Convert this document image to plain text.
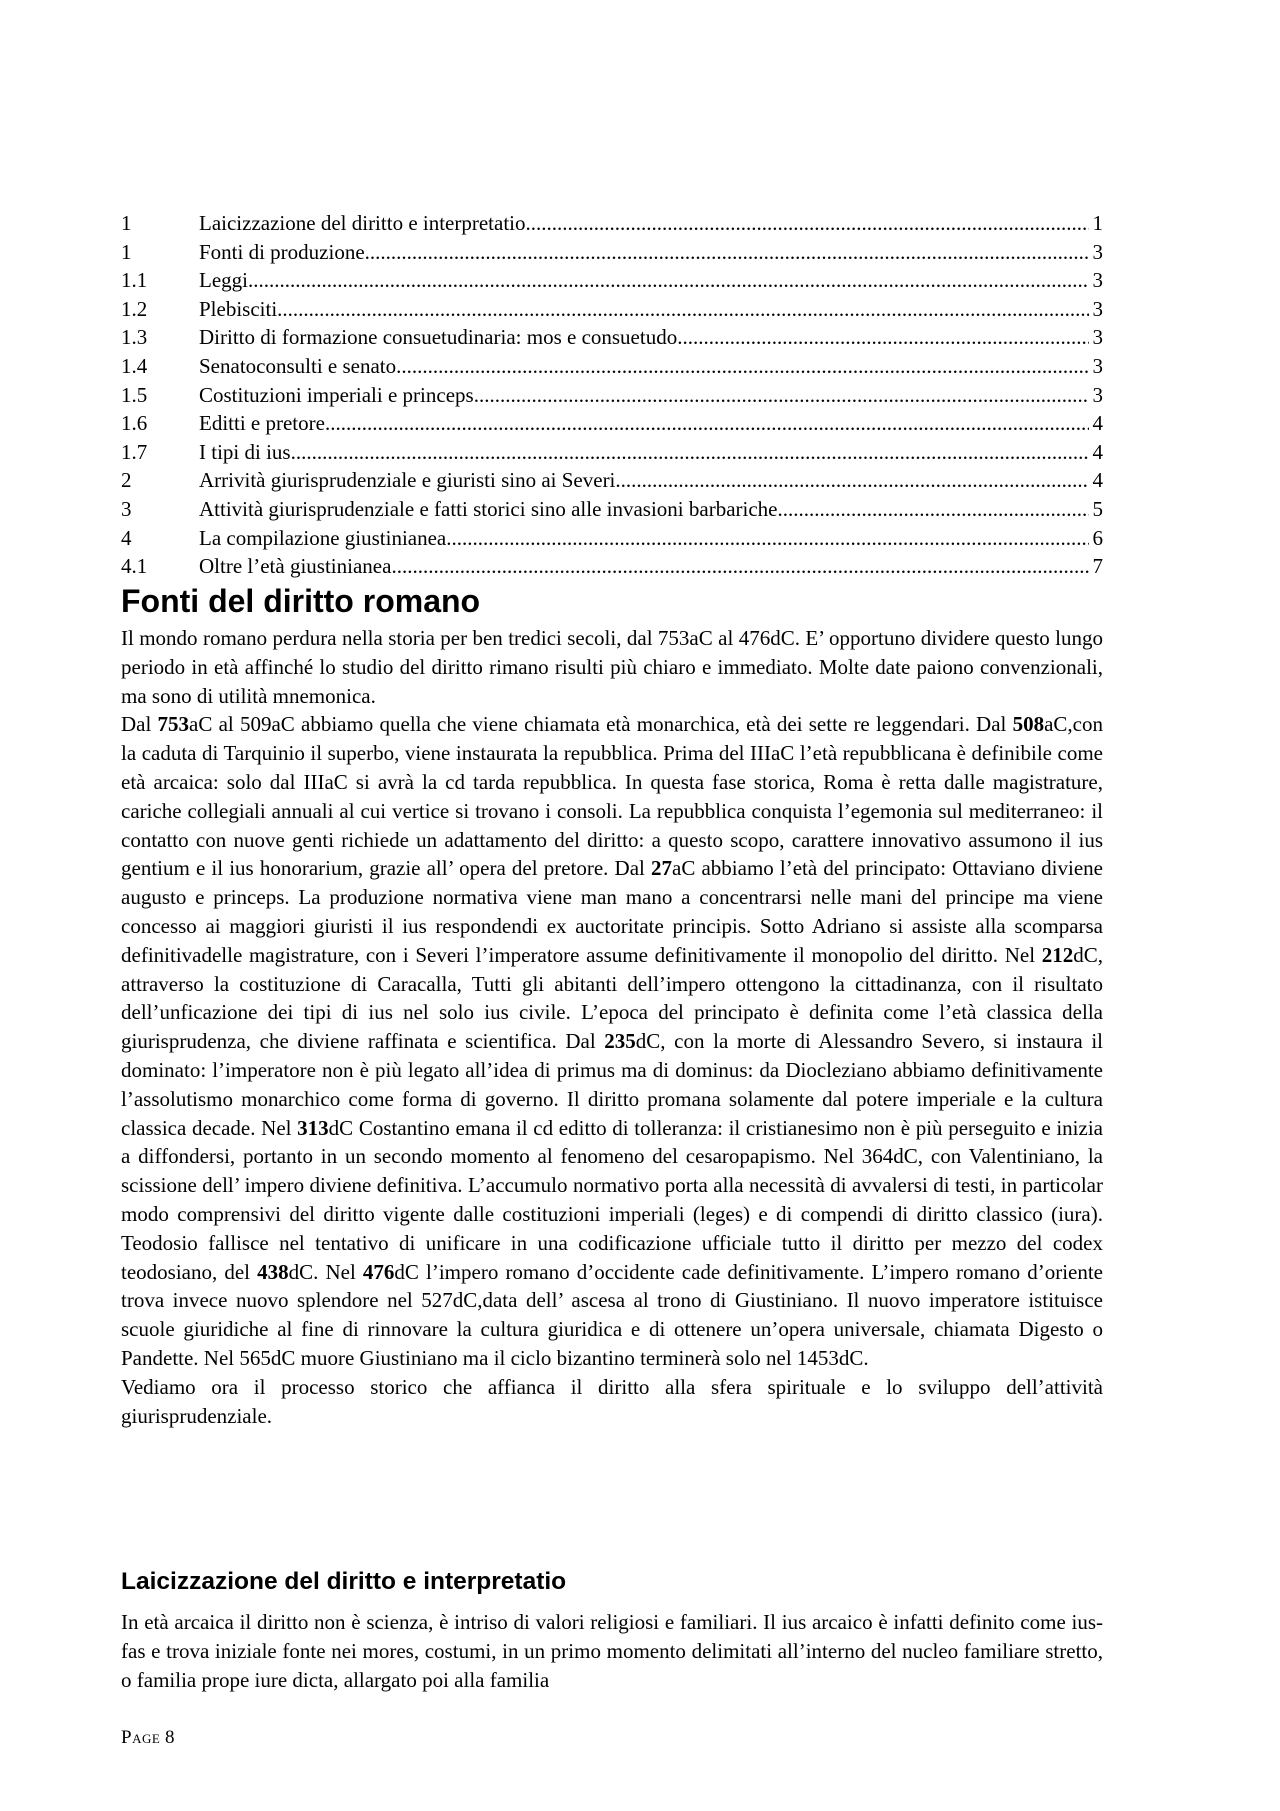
1	Laicizzazione del diritto e interpretatio .....	1
1	Fonti di produzione .....	3
1.1	Leggi .....	3
1.2	Plebisciti .....	3
1.3	Diritto di formazione consuetudinaria: mos e consuetudo .....	3
1.4	Senatoconsulti e senato .....	3
1.5	Costituzioni imperiali e princeps .....	3
1.6	Editti e pretore .....	4
1.7	I tipi di ius .....	4
2	Arrività giurisprudenziale e giuristi sino ai Severi .....	4
3	Attività giurisprudenziale e fatti storici sino alle invasioni barbariche .....	5
4	La compilazione giustinianea .....	6
4.1	Oltre l’età giustinianea .....	7
Fonti del diritto romano

Il mondo romano perdura nella storia per ben tredici secoli, dal 753aC al 476dC. E’ opportuno dividere questo lungo periodo in età affinché lo studio del diritto rimano risulti più chiaro e immediato. Molte date paiono convenzionali, ma sono di utilità mnemonica.

Dal 753aC al 509aC abbiamo quella che viene chiamata età monarchica, età dei sette re leggendari. Dal 508aC,con la caduta di Tarquinio il superbo, viene instaurata la repubblica. Prima del IIIaC l’età repubblicana è definibile come età arcaica: solo dal IIIaC si avrà la cd tarda repubblica. In questa fase storica, Roma è retta dalle magistrature, cariche collegiali annuali al cui vertice si trovano i consoli. La repubblica conquista l’egemonia sul mediterraneo: il contatto con nuove genti richiede un adattamento del diritto: a questo scopo, carattere innovativo assumono il ius gentium e il ius honorarium, grazie all’ opera del pretore. Dal 27aC abbiamo l’età del principato: Ottaviano diviene augusto e princeps. La produzione normativa viene man mano a concentrarsi nelle mani del principe ma viene concesso ai maggiori giuristi il ius respondendi ex auctoritate principis. Sotto Adriano si assiste alla scomparsa definitivadelle magistrature, con i Severi l’imperatore assume definitivamente il monopolio del diritto. Nel 212dC, attraverso la costituzione di Caracalla, Tutti gli abitanti dell’impero ottengono la cittadinanza, con il risultato dell’unficazione dei tipi di ius nel solo ius civile. L’epoca del principato è definita come l’età classica della giurisprudenza, che diviene raffinata e scientifica. Dal 235dC, con la morte di Alessandro Severo, si instaura il dominato: l’imperatore non è più legato all’idea di primus ma di dominus: da Diocleziano abbiamo definitivamente l’assolutismo monarchico come forma di governo. Il diritto promana solamente dal potere imperiale e la cultura classica decade. Nel 313dC Costantino emana il cd editto di tolleranza: il cristianesimo non è più perseguito e inizia a diffondersi, portanto in un secondo momento al fenomeno del cesaropapismo. Nel 364dC, con Valentiniano, la scissione dell’ impero diviene definitiva. L’accumulo normativo porta alla necessità di avvalersi di testi, in particolar modo comprensivi del diritto vigente dalle costituzioni imperiali (leges) e di compendi di diritto classico (iura). Teodosio fallisce nel tentativo di unificare in una codificazione ufficiale tutto il diritto per mezzo del codex teodosiano, del 438dC. Nel 476dC l’impero romano d’occidente cade definitivamente. L’impero romano d’oriente trova invece nuovo splendore nel 527dC,data dell’ ascesa al trono di Giustiniano. Il nuovo imperatore istituisce scuole giuridiche al fine di rinnovare la cultura giuridica e di ottenere un’opera universale, chiamata Digesto o Pandette. Nel 565dC muore Giustiniano ma il ciclo bizantino terminerà solo nel 1453dC.

Vediamo ora il processo storico che affianca il diritto alla sfera spirituale e lo sviluppo dell’attività giurisprudenziale.

Laicizzazione del diritto e interpretatio

In età arcaica il diritto non è scienza, è intriso di valori religiosi e familiari. Il ius arcaico è infatti definito come ius-fas e trova iniziale fonte nei mores, costumi, in un primo momento delimitati all’interno del nucleo familiare stretto, o familia prope iure dicta, allargato poi alla familia

Page 8
